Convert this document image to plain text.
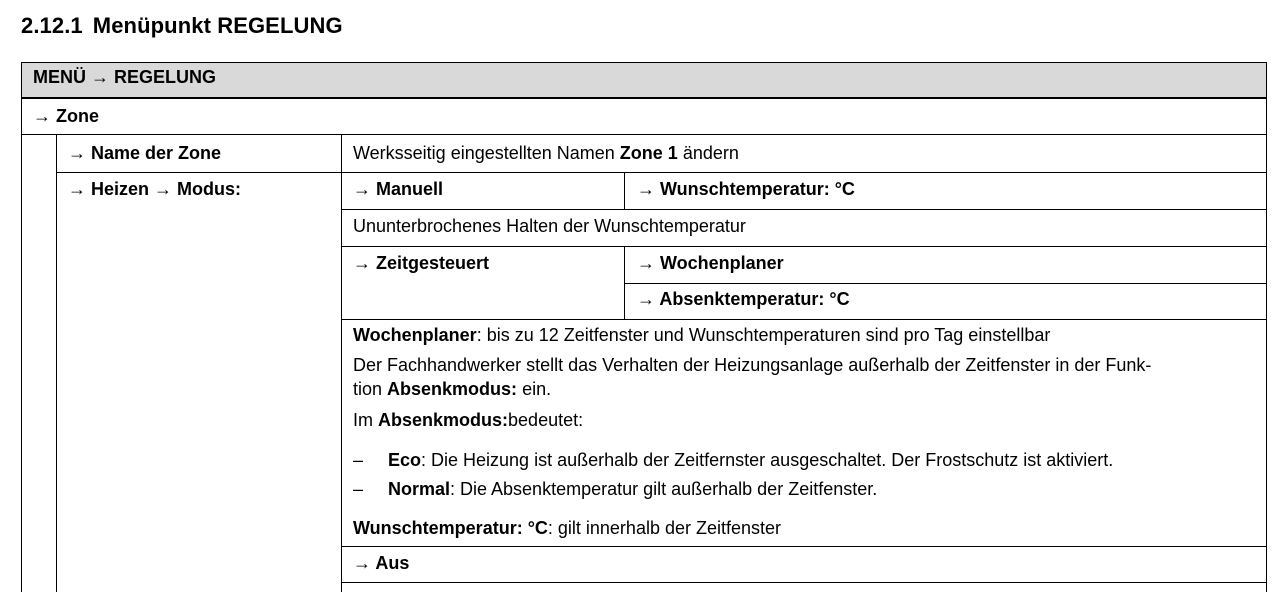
2.12.1 Menüpunkt REGELUNG
MENÜ → REGELUNG
→ Zone
→ Name der Zone	Werksseitig eingestellten Namen Zone 1 ändern
→ Heizen → Modus:	→ Manuell	→ Wunschtemperatur: °C
Ununterbrochenes Halten der Wunschtemperatur
→ Zeitgesteuert	→ Wochenplaner
→ Absenktemperatur: °C
Wochenplaner: bis zu 12 Zeitfenster und Wunschtemperaturen sind pro Tag einstellbar
Der Fachhandwerker stellt das Verhalten der Heizungsanlage außerhalb der Zeitfenster in der Funk-
tion Absenkmodus: ein.
Im Absenkmodus:bedeutet:
– Eco: Die Heizung ist außerhalb der Zeitfernster ausgeschaltet. Der Frostschutz ist aktiviert.
– Normal: Die Absenktemperatur gilt außerhalb der Zeitfenster.
Wunschtemperatur: °C: gilt innerhalb der Zeitfenster
→ Aus
